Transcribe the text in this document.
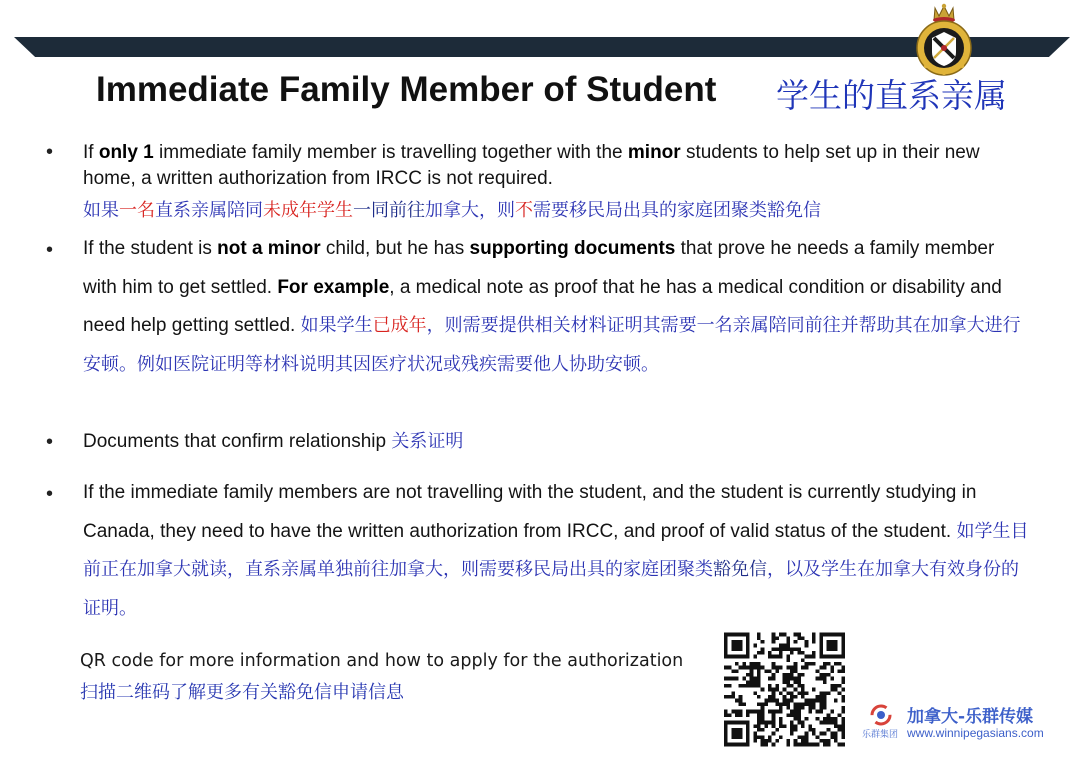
Immediate Family Member of Student 学生的直系亲属
• If only 1 immediate family member is travelling together with the minor students to help set up in their new home, a written authorization from IRCC is not required.
如果一名直系亲属陪同未成年学生一同前往加拿大，则不需要移民局出具的家庭团聚类豁免信
• If the student is not a minor child, but he has supporting documents that prove he needs a family member with him to get settled. For example, a medical note as proof that he has a medical condition or disability and need help getting settled. 如果学生已成年，则需要提供相关材料证明其需要一名亲属陪同前往并帮助其在加拿大进行安顿。例如医院证明等材料说明其因医疗状况或残疾需要他人协助安顿。
• Documents that confirm relationship 关系证明
• If the immediate family members are not travelling with the student, and the student is currently studying in Canada, they need to have the written authorization from IRCC, and proof of valid status of the student. 如学生目前正在加拿大就读，直系亲属单独前往加拿大，则需要移民局出具的家庭团聚类豁免信，以及学生在加拿大有效身份的证明。
QR code for more information and how to apply for the authorization
扫描二维码了解更多有关豁免信申请信息
乐群集团
加拿大-乐群传媒
www.winnipegasians.com
